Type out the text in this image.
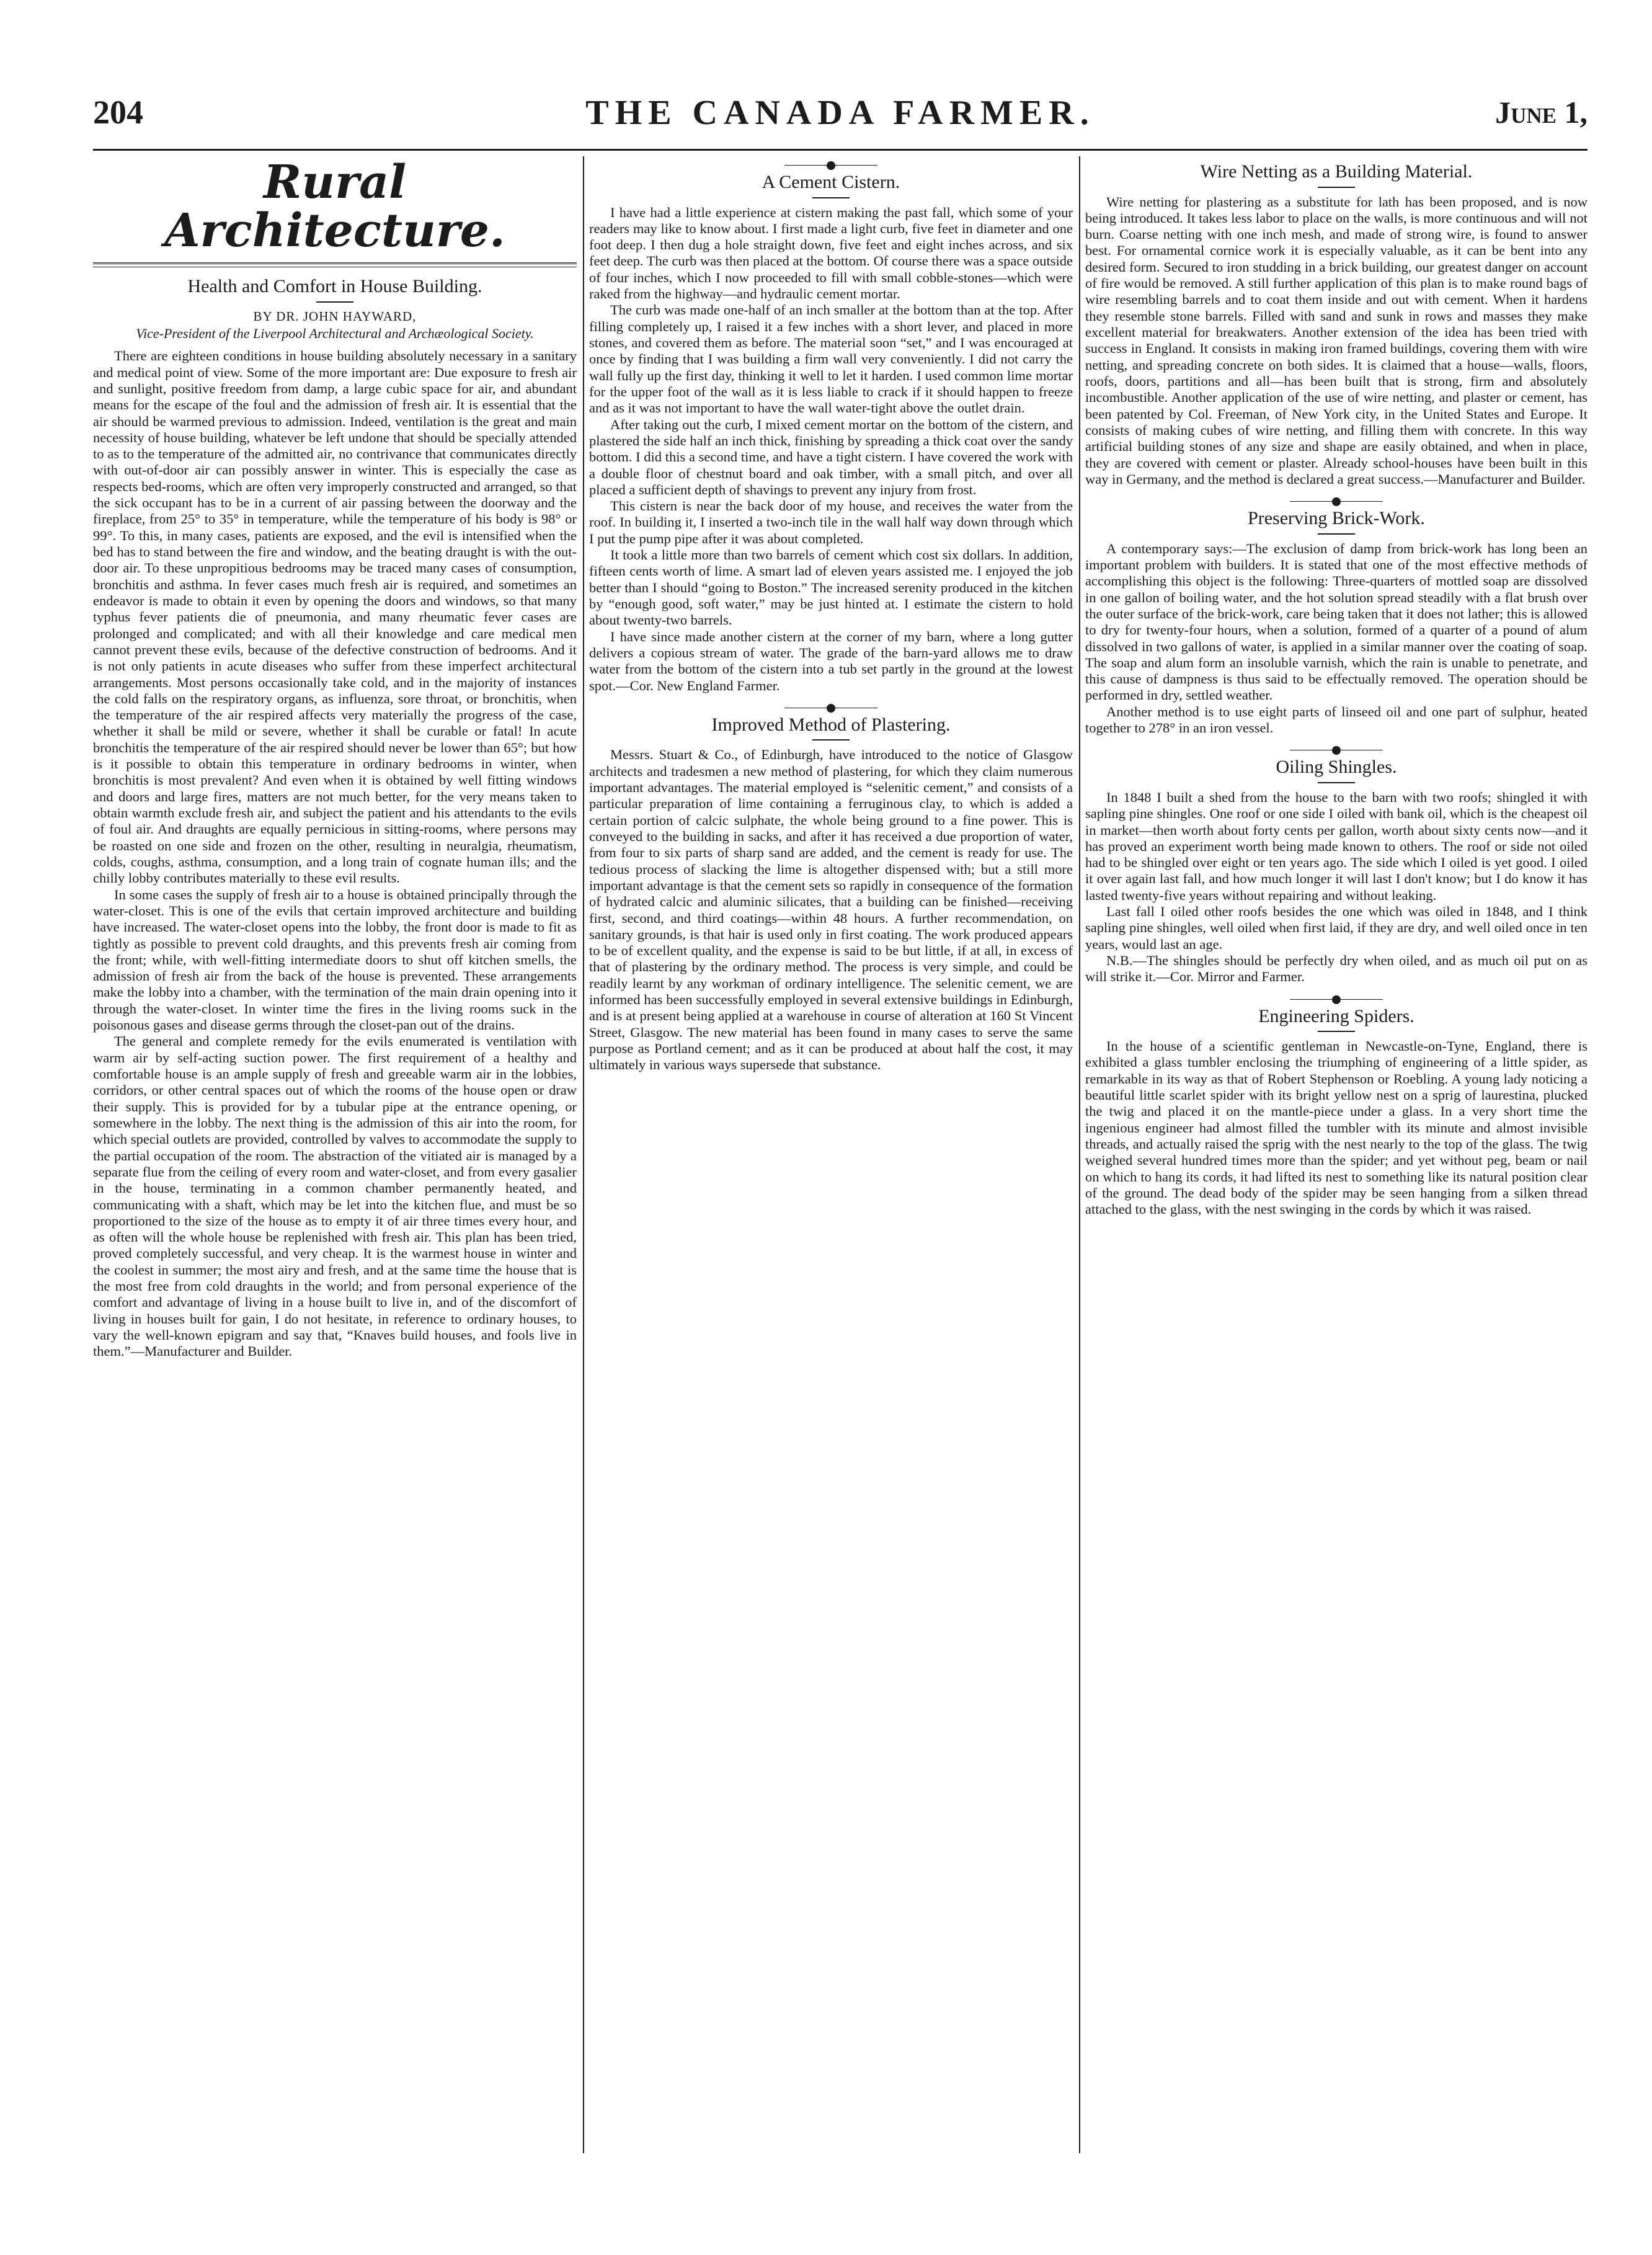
204	THE CANADA FARMER.	June 1,
Rural Architecture.
Health and Comfort in House Building.
BY DR. JOHN HAYWARD,
Vice-President of the Liverpool Architectural and Archæological Society.

There are eighteen conditions in house building absolutely necessary in a sanitary and medical point of view. Some of the more important are: Due exposure to fresh air and sunlight, positive freedom from damp, a large cubic space for air, and abundant means for the escape of the foul and the admission of fresh air. It is essential that the air should be warmed previous to admission. Indeed, ventilation is the great and main necessity of house building, whatever be left undone that should be specially attended to as to the temperature of the admitted air, no contrivance that communicates directly with out-of-door air can possibly answer in winter. This is especially the case as respects bed-rooms, which are often very improperly constructed and arranged, so that the sick occupant has to be in a current of air passing between the doorway and the fireplace, from 25° to 35° in temperature, while the temperature of his body is 98° or 99°. To this, in many cases, patients are exposed, and the evil is intensified when the bed has to stand between the fire and window, and the beating draught is with the out-door air. To these unpropitious bedrooms may be traced many cases of consumption, bronchitis and asthma. In fever cases much fresh air is required, and sometimes an endeavor is made to obtain it even by opening the doors and windows, so that many typhus fever patients die of pneumonia, and many rheumatic fever cases are prolonged and complicated; and with all their knowledge and care medical men cannot prevent these evils, because of the defective construction of bedrooms. And it is not only patients in acute diseases who suffer from these imperfect architectural arrangements. Most persons occasionally take cold, and in the majority of instances the cold falls on the respiratory organs, as influenza, sore throat, or bronchitis, when the temperature of the air respired affects very materially the progress of the case, whether it shall be mild or severe, whether it shall be curable or fatal! In acute bronchitis the temperature of the air respired should never be lower than 65°; but how is it possible to obtain this temperature in ordinary bedrooms in winter, when bronchitis is most prevalent? And even when it is obtained by well fitting windows and doors and large fires, matters are not much better, for the very means taken to obtain warmth exclude fresh air, and subject the patient and his attendants to the evils of foul air. And draughts are equally pernicious in sitting-rooms, where persons may be roasted on one side and frozen on the other, resulting in neuralgia, rheumatism, colds, coughs, asthma, consumption, and a long train of cognate human ills; and the chilly lobby contributes materially to these evil results.

In some cases the supply of fresh air to a house is obtained principally through the water-closet. This is one of the evils that certain improved architecture and building have increased. The water-closet opens into the lobby, the front door is made to fit as tightly as possible to prevent cold draughts, and this prevents fresh air coming from the front; while, with well-fitting intermediate doors to shut off kitchen smells, the admission of fresh air from the back of the house is prevented. These arrangements make the lobby into a chamber, with the termination of the main drain opening into it through the water-closet. In winter time the fires in the living rooms suck in the poisonous gases and disease germs through the closet-pan out of the drains.

The general and complete remedy for the evils enumerated is ventilation with warm air by self-acting suction power. The first requirement of a healthy and comfortable house is an ample supply of fresh and greeable warm air in the lobbies, corridors, or other central spaces out of which the rooms of the house open or draw their supply. This is provided for by a tubular pipe at the entrance opening, or somewhere in the lobby. The next thing is the admission of this air into the room, for which special outlets are provided, controlled by valves to accommodate the supply to the partial occupation of the room. The abstraction of the vitiated air is managed by a separate flue from the ceiling of every room and water-closet, and from every gasalier in the house, terminating in a common chamber permanently heated, and communicating with a shaft, which may be let into the kitchen flue, and must be so proportioned to the size of the house as to empty it of air three times every hour, and as often will the whole house be replenished with fresh air. This plan has been tried, proved completely successful, and very cheap. It is the warmest house in winter and the coolest in summer; the most airy and fresh, and at the same time the house that is the most free from cold draughts in the world; and from personal experience of the comfort and advantage of living in a house built to live in, and of the discomfort of living in houses built for gain, I do not hesitate, in reference to ordinary houses, to vary the well-known epigram and say that, “Knaves build houses, and fools live in them.”—Manufacturer and Builder.

A Cement Cistern.

I have had a little experience at cistern making the past fall, which some of your readers may like to know about. I first made a light curb, five feet in diameter and one foot deep. I then dug a hole straight down, five feet and eight inches across, and six feet deep. The curb was then placed at the bottom. Of course there was a space outside of four inches, which I now proceeded to fill with small cobble-stones—which were raked from the highway—and hydraulic cement mortar.

The curb was made one-half of an inch smaller at the bottom than at the top. After filling completely up, I raised it a few inches with a short lever, and placed in more stones, and covered them as before. The material soon “set,” and I was encouraged at once by finding that I was building a firm wall very conveniently. I did not carry the wall fully up the first day, thinking it well to let it harden. I used common lime mortar for the upper foot of the wall as it is less liable to crack if it should happen to freeze and as it was not important to have the wall water-tight above the outlet drain.

After taking out the curb, I mixed cement mortar on the bottom of the cistern, and plastered the side half an inch thick, finishing by spreading a thick coat over the sandy bottom. I did this a second time, and have a tight cistern. I have covered the work with a double floor of chestnut board and oak timber, with a small pitch, and over all placed a sufficient depth of shavings to prevent any injury from frost.

This cistern is near the back door of my house, and receives the water from the roof. In building it, I inserted a two-inch tile in the wall half way down through which I put the pump pipe after it was about completed.

It took a little more than two barrels of cement which cost six dollars. In addition, fifteen cents worth of lime. A smart lad of eleven years assisted me. I enjoyed the job better than I should “going to Boston.” The increased serenity produced in the kitchen by “enough good, soft water,” may be just hinted at. I estimate the cistern to hold about twenty-two barrels.

I have since made another cistern at the corner of my barn, where a long gutter delivers a copious stream of water. The grade of the barn-yard allows me to draw water from the bottom of the cistern into a tub set partly in the ground at the lowest spot.—Cor. New England Farmer.

Improved Method of Plastering.

Messrs. Stuart & Co., of Edinburgh, have introduced to the notice of Glasgow architects and tradesmen a new method of plastering, for which they claim numerous important advantages. The material employed is “selenitic cement,” and consists of a particular preparation of lime containing a ferruginous clay, to which is added a certain portion of calcic sulphate, the whole being ground to a fine power. This is conveyed to the building in sacks, and after it has received a due proportion of water, from four to six parts of sharp sand are added, and the cement is ready for use. The tedious process of slacking the lime is altogether dispensed with; but a still more important advantage is that the cement sets so rapidly in consequence of the formation of hydrated calcic and aluminic silicates, that a building can be finished—receiving first, second, and third coatings—within 48 hours. A further recommendation, on sanitary grounds, is that hair is used only in first coating. The work produced appears to be of excellent quality, and the expense is said to be but little, if at all, in excess of that of plastering by the ordinary method. The process is very simple, and could be readily learnt by any workman of ordinary intelligence. The selenitic cement, we are informed has been successfully employed in several extensive buildings in Edinburgh, and is at present being applied at a warehouse in course of alteration at 160 St Vincent Street, Glasgow. The new material has been found in many cases to serve the same purpose as Portland cement; and as it can be produced at about half the cost, it may ultimately in various ways supersede that substance.

Wire Netting as a Building Material.

Wire netting for plastering as a substitute for lath has been proposed, and is now being introduced. It takes less labor to place on the walls, is more continuous and will not burn. Coarse netting with one inch mesh, and made of strong wire, is found to answer best. For ornamental cornice work it is especially valuable, as it can be bent into any desired form. Secured to iron studding in a brick building, our greatest danger on account of fire would be removed. A still further application of this plan is to make round bags of wire resembling barrels and to coat them inside and out with cement. When it hardens they resemble stone barrels. Filled with sand and sunk in rows and masses they make excellent material for breakwaters. Another extension of the idea has been tried with success in England. It consists in making iron framed buildings, covering them with wire netting, and spreading concrete on both sides. It is claimed that a house—walls, floors, roofs, doors, partitions and all—has been built that is strong, firm and absolutely incombustible. Another application of the use of wire netting, and plaster or cement, has been patented by Col. Freeman, of New York city, in the United States and Europe. It consists of making cubes of wire netting, and filling them with concrete. In this way artificial building stones of any size and shape are easily obtained, and when in place, they are covered with cement or plaster. Already school-houses have been built in this way in Germany, and the method is declared a great success.—Manufacturer and Builder.

Preserving Brick-Work.

A contemporary says:—The exclusion of damp from brick-work has long been an important problem with builders. It is stated that one of the most effective methods of accomplishing this object is the following: Three-quarters of mottled soap are dissolved in one gallon of boiling water, and the hot solution spread steadily with a flat brush over the outer surface of the brick-work, care being taken that it does not lather; this is allowed to dry for twenty-four hours, when a solution, formed of a quarter of a pound of alum dissolved in two gallons of water, is applied in a similar manner over the coating of soap. The soap and alum form an insoluble varnish, which the rain is unable to penetrate, and this cause of dampness is thus said to be effectually removed. The operation should be performed in dry, settled weather.

Another method is to use eight parts of linseed oil and one part of sulphur, heated together to 278° in an iron vessel.

Oiling Shingles.

In 1848 I built a shed from the house to the barn with two roofs; shingled it with sapling pine shingles. One roof or one side I oiled with bank oil, which is the cheapest oil in market—then worth about forty cents per gallon, worth about sixty cents now—and it has proved an experiment worth being made known to others. The roof or side not oiled had to be shingled over eight or ten years ago. The side which I oiled is yet good. I oiled it over again last fall, and how much longer it will last I don't know; but I do know it has lasted twenty-five years without repairing and without leaking.

Last fall I oiled other roofs besides the one which was oiled in 1848, and I think sapling pine shingles, well oiled when first laid, if they are dry, and well oiled once in ten years, would last an age.

N.B.—The shingles should be perfectly dry when oiled, and as much oil put on as will strike it.—Cor. Mirror and Farmer.

Engineering Spiders.

In the house of a scientific gentleman in Newcastle-on-Tyne, England, there is exhibited a glass tumbler enclosing the triumphing of engineering of a little spider, as remarkable in its way as that of Robert Stephenson or Roebling. A young lady noticing a beautiful little scarlet spider with its bright yellow nest on a sprig of laurestina, plucked the twig and placed it on the mantle-piece under a glass. In a very short time the ingenious engineer had almost filled the tumbler with its minute and almost invisible threads, and actually raised the sprig with the nest nearly to the top of the glass. The twig weighed several hundred times more than the spider; and yet without peg, beam or nail on which to hang its cords, it had lifted its nest to something like its natural position clear of the ground. The dead body of the spider may be seen hanging from a silken thread attached to the glass, with the nest swinging in the cords by which it was raised.
